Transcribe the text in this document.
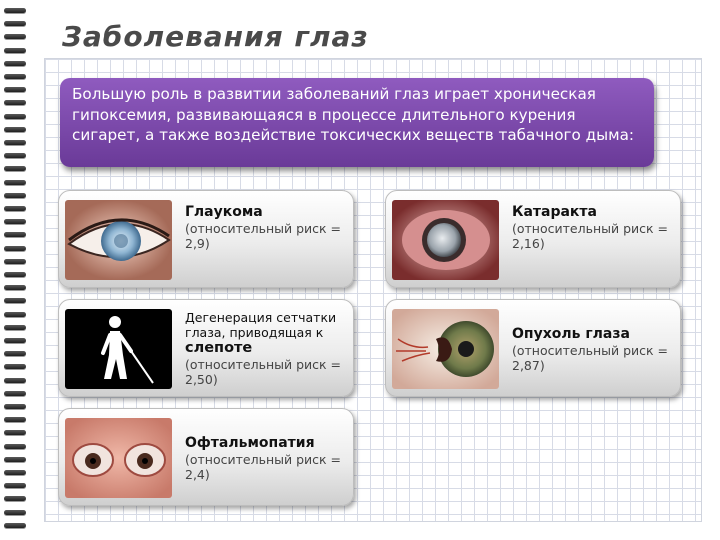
Заболевания глаз
Большую роль в развитии заболеваний глаз играет хроническая гипоксемия, развивающаяся в процессе длительного курения сигарет, а также воздействие токсических веществ табачного дыма:
Глаукома
(относительный риск = 2,9)
Катаракта
(относительный риск = 2,16)
Дегенерация сетчатки глаза, приводящая к
слепоте
(относительный риск = 2,50)
Опухоль глаза
(относительный риск = 2,87)
Офтальмопатия
(относительный риск = 2,4)
